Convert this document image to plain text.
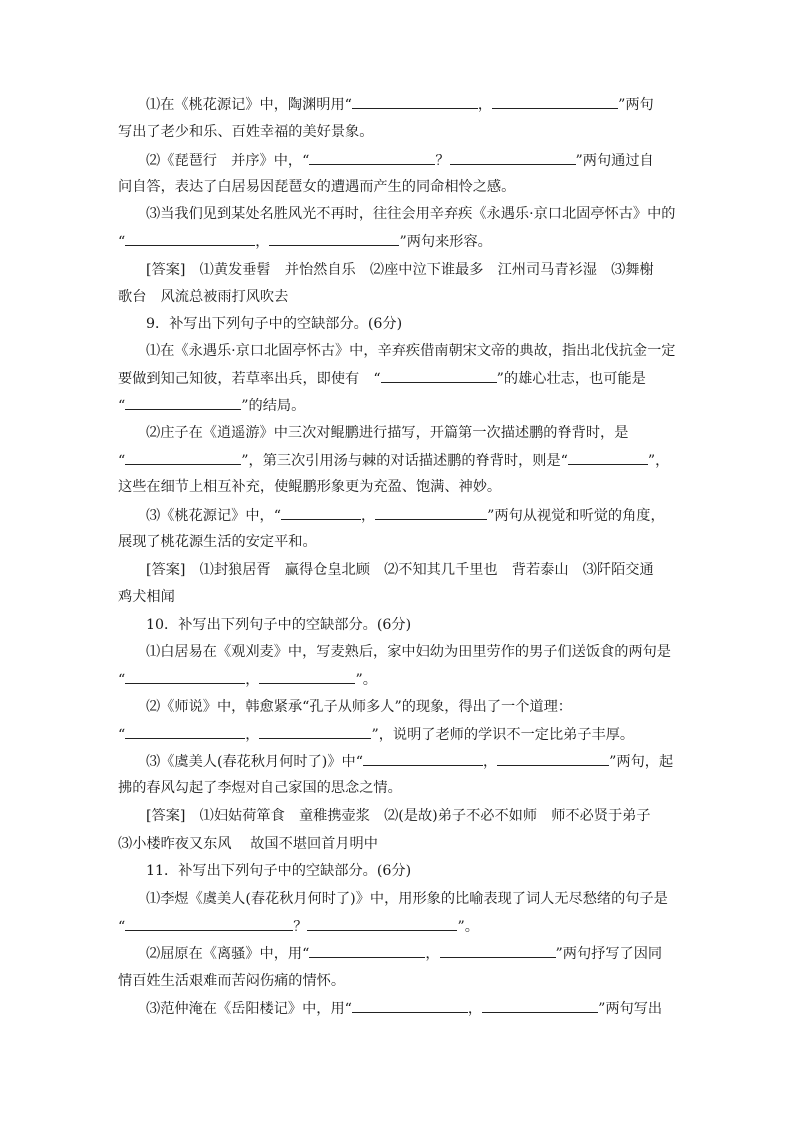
⑴在《桃花源记》中，陶渊明用“	，	”两句
写出了老少和乐、百姓幸福的美好景象。
⑵《琵琶行　并序》中，“	？	”两句通过自
问自答，表达了白居易因琵琶女的遭遇而产生的同命相怜之感。
⑶当我们见到某处名胜风光不再时，往往会用辛弃疾《永遇乐·京口北固亭怀古》中的
“	，	”两句来形容。
[答案]　⑴黄发垂髫　并怡然自乐　⑵座中泣下谁最多　江州司马青衫湿　⑶舞榭
歌台　风流总被雨打风吹去
9．补写出下列句子中的空缺部分。(6分)
⑴在《永遇乐·京口北固亭怀古》中，辛弃疾借南朝宋文帝的典故，指出北伐抗金一定
要做到知己知彼，若草率出兵，即使有　“	”的雄心壮志，也可能是
“	”的结局。
⑵庄子在《逍遥游》中三次对鲲鹏进行描写，开篇第一次描述鹏的脊背时，是
“	”，第三次引用汤与棘的对话描述鹏的脊背时，则是“	”，
这些在细节上相互补充，使鲲鹏形象更为充盈、饱满、神妙。
⑶《桃花源记》中，“	，	”两句从视觉和听觉的角度，
展现了桃花源生活的安定平和。
[答案]　⑴封狼居胥　赢得仓皇北顾　⑵不知其几千里也　背若泰山　⑶阡陌交通
鸡犬相闻
10．补写出下列句子中的空缺部分。(6分)
⑴白居易在《观刈麦》中，写麦熟后，家中妇幼为田里劳作的男子们送饭食的两句是
“	，	”。
⑵《师说》中，韩愈紧承“孔子从师多人”的现象，得出了一个道理：
“	，	”，说明了老师的学识不一定比弟子丰厚。
⑶《虞美人(春花秋月何时了)》中“	，	”两句，起
拂的春风勾起了李煜对自己家国的思念之情。
[答案]　⑴妇姑荷箪食　童稚携壶浆　⑵(是故)弟子不必不如师　师不必贤于弟子
⑶小楼昨夜又东风　 故国不堪回首月明中
11．补写出下列句子中的空缺部分。(6分)
⑴李煜《虞美人(春花秋月何时了)》中，用形象的比喻表现了词人无尽愁绪的句子是
“	？	”。
⑵屈原在《离骚》中，用“	，	”两句抒写了因同
情百姓生活艰难而苦闷伤痛的情怀。
⑶范仲淹在《岳阳楼记》中，用“	，	”两句写出
